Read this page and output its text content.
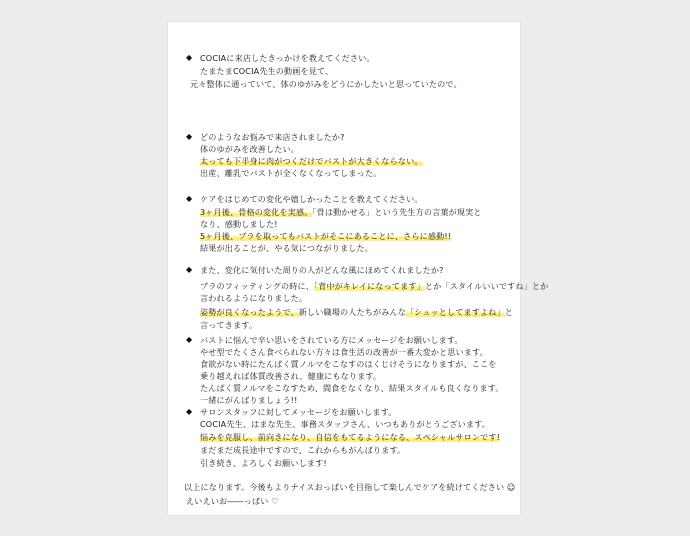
◆ COCIAに来店したきっかけを教えてください。
たまたまCOCIA先生の動画を見て、
元々整体に通っていて、体のゆがみをどうにかしたいと思っていたので。
◆ どのようなお悩みで来店されましたか?
体のゆがみを改善したい。
太っても下半身に肉がつくだけでバストが大きくならない。
出産、離乳でバストが全くなくなってしまった。
◆ ケアをはじめての変化や嬉しかったことを教えてください。
3ヶ月後、骨格の変化を実感。「骨は動かせる」という先生方の言葉が現実と
なり、感動しました!
5ヶ月後、ブラを取ってもバストがそこにあることに、さらに感動!!
結果が出ることが、やる気につながりました。
◆ また、変化に気付いた周りの人がどんな風にほめてくれましたか?
ブラのフィッティングの時に、「背中がキレイになってます」とか「スタイルいいですね」とか
言われるようになりました。
姿勢が良くなったようで、新しい職場の人たちがみんな「シュッとしてますよね」と
言ってきます。
◆ バストに悩んで辛い思いをされている方にメッセージをお願いします。
やせ型でたくさん食べられない方々は食生活の改善が一番大変かと思います。
食欲がない時にたんぱく質ノルマをこなすのはくじけそうになりますが、ここを
乗り越えれば体質改善され、健康にもなります。
たんぱく質ノルマをこなすため、間食をなくなり、結果スタイルも良くなります。
一緒にがんばりましょう!!
◆ サロンスタッフに対してメッセージをお願いします。
COCIA先生、はまな先生、事務スタッフさん、いつもありがとうございます。
悩みを克服し、前向きになり、自信をもてるようになる、スペシャルサロンです!
まだまだ成長途中ですので、これからもがんばります。
引き続き、よろしくお願いします!
以上になります。今後もよりナイスおっぱいを目指して楽しんでケアを続けてください ☺
えいえいお――っぱい ♡
